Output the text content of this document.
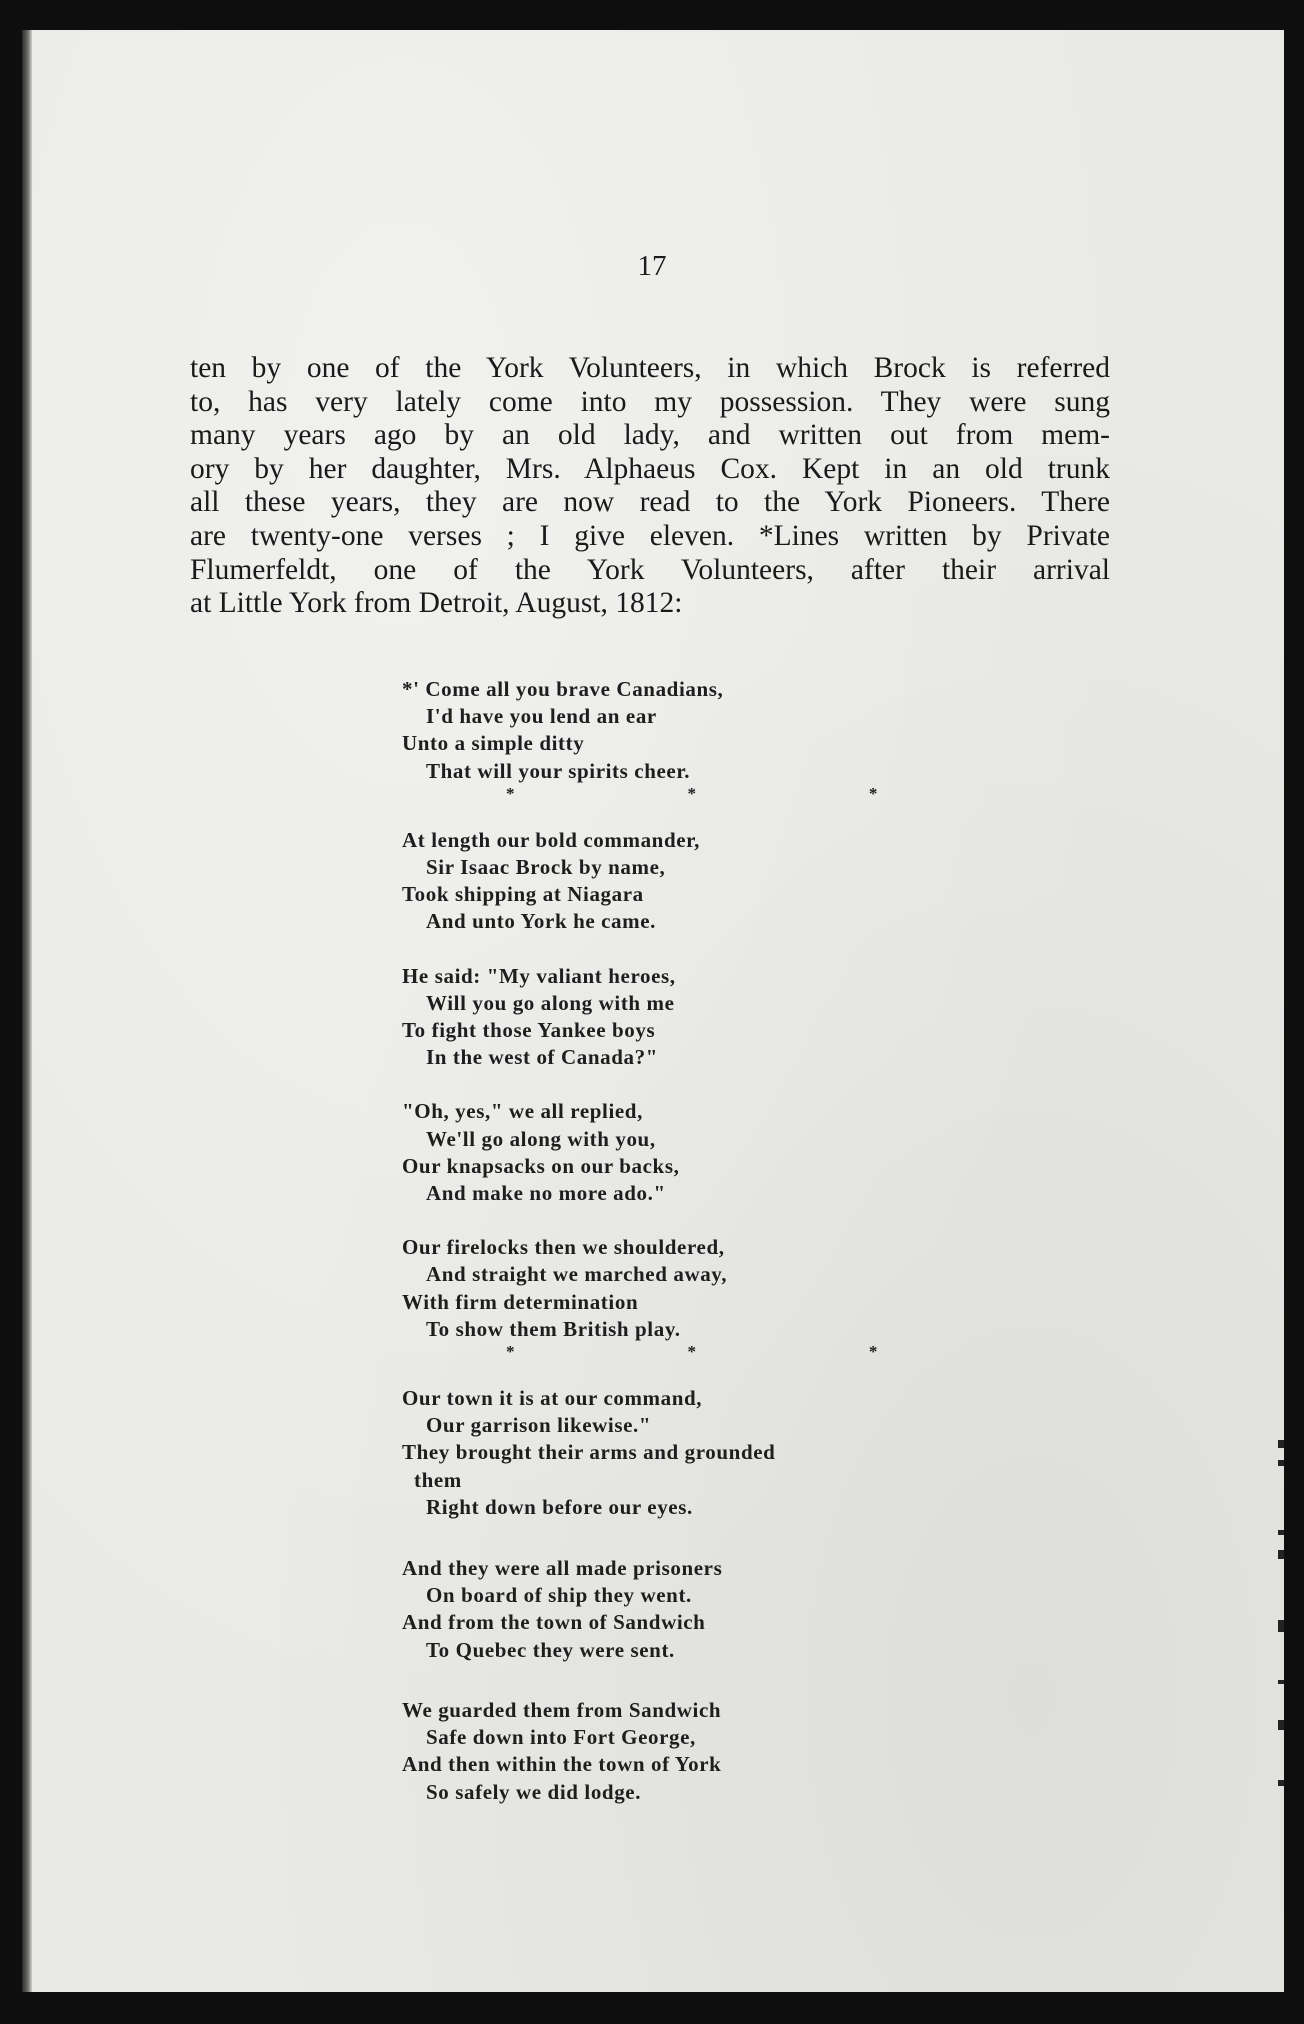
17
ten by one of the York Volunteers, in which Brock is referred
to, has very lately come into my possession. They were sung
many years ago by an old lady, and written out from mem-
ory by her daughter, Mrs. Alphaeus Cox. Kept in an old trunk
all these years, they are now read to the York Pioneers. There
are twenty-one verses ; I give eleven. *Lines written by Private
Flumerfeldt, one of the York Volunteers, after their arrival
at Little York from Detroit, August, 1812:
*' Come all you brave Canadians,
I'd have you lend an ear
Unto a simple ditty
That will your spirits cheer.
*	*	*
At length our bold commander,
Sir Isaac Brock by name,
Took shipping at Niagara
And unto York he came.
He said: "My valiant heroes,
Will you go along with me
To fight those Yankee boys
In the west of Canada?"
"Oh, yes," we all replied,
We'll go along with you,
Our knapsacks on our backs,
And make no more ado."
Our firelocks then we shouldered,
And straight we marched away,
With firm determination
To show them British play.
*	*	*
Our town it is at our command,
Our garrison likewise."
They brought their arms and grounded
them
Right down before our eyes.
And they were all made prisoners
On board of ship they went.
And from the town of Sandwich
To Quebec they were sent.
We guarded them from Sandwich
Safe down into Fort George,
And then within the town of York
So safely we did lodge.
